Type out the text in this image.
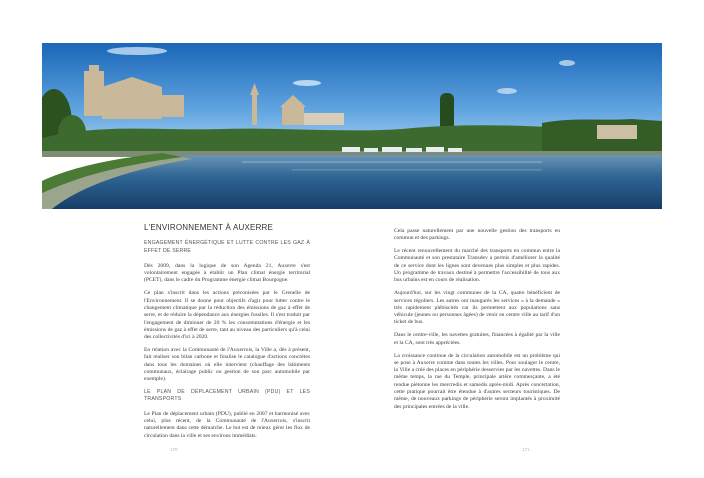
L'ENVIRONNEMENT À AUXERRE
ENGAGEMENT ÉNERGÉTIQUE ET LUTTE CONTRE LES GAZ À EFFET DE SERRE

Dès 2009, dans la logique de son Agenda 21, Auxerre s'est volontairement engagée à établir un Plan climat énergie territorial (PCET), dans le cadre du Programme énergie climat Bourgogne.

Ce plan s'inscrit dans les actions préconisées par le Grenelle de l'Environnement. Il se donne pour objectifs d'agir pour lutter contre le changement climatique par la réduction des émissions de gaz à effet de serre, et de réduire la dépendance aux énergies fossiles. Il s'est traduit par l'engagement de diminuer de 20 % les consommations d'énergie et les émissions de gaz à effet de serre, tant au niveau des particuliers qu'à celui des collectivités d'ici à 2020.

En relation avec la Communauté de l'Auxerrois, la Ville a, dès à présent, fait réaliser son bilan carbone et finalise le catalogue d'actions concrètes dans tous les domaines où elle intervient (chauffage des bâtiments communaux, éclairage public ou gestion de son parc automobile par exemple).

LE PLAN DE DÉPLACEMENT URBAIN (PDU) ET LES TRANSPORTS

Le Plan de déplacement urbain (PDU), publié en 2007 et harmonisé avec celui, plus récent, de la Communauté de l'Auxerrois, s'inscrit naturellement dans cette démarche. Le but est de mieux gérer les flux de circulation dans la ville et ses environs immédiats.

Cela passe naturellement par une nouvelle gestion des transports en commun et des parkings.

Le récent renouvellement du marché des transports en commun entre la Communauté et son prestataire Transdev a permis d'améliorer la qualité de ce service dont les lignes sont devenues plus simples et plus rapides. Un programme de travaux destiné à permettre l'accessibilité de tous aux bus urbains est en cours de réalisation.

Aujourd'hui, sur les vingt communes de la CA, quatre bénéficient de services réguliers. Les autres ont inaugurés les services « à la demande » très rapidement plébiscités car ils permettent aux populations sans véhicule (jeunes ou personnes âgées) de venir en centre ville au tarif d'un ticket de bus.

Dans le centre-ville, les navettes gratuites, financées à égalité par la ville et la CA, sont très appréciées.

La croissance continue de la circulation automobile est un problème qui se pose à Auxerre comme dans toutes les villes. Pour soulager le centre, la Ville a créé des places en périphérie desservies par les navettes. Dans le même temps, la rue du Temple, principale artère commerçante, a été rendue piétonne les mercredis et samedis après-midi. Après concertation, cette pratique pourrait être étendue à d'autres secteurs touristiques. De même, de nouveaux parkings de périphérie seront implantés à proximité des principales entrées de la ville.

170	171
